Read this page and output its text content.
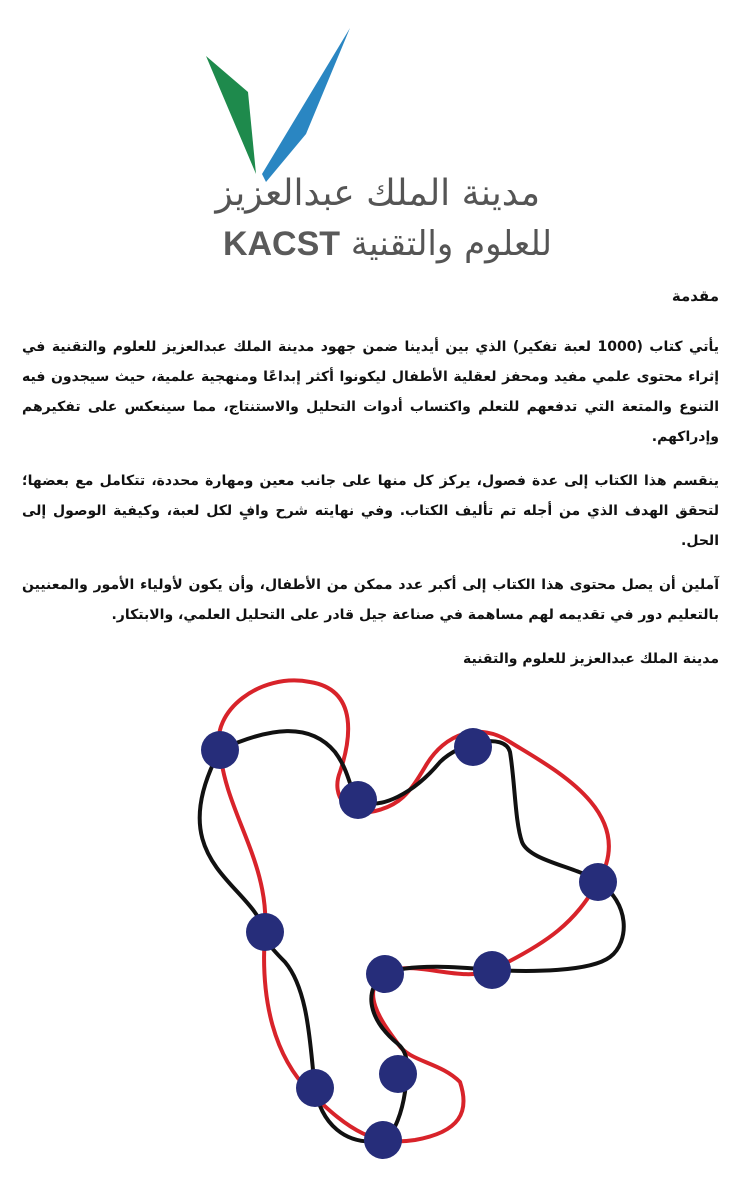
مدينة الملك عبدالعزيز
للعلوم والتقنية KACST
مقدمة

يأتي كتاب (1000 لعبة تفكير) الذي بين أيدينا ضمن جهود مدينة الملك عبدالعزيز للعلوم والتقنية في إثراء محتوى علمي مفيد ومحفز لعقلية الأطفال ليكونوا أكثر إبداعًا ومنهجية علمية، حيث سيجدون فيه التنوع والمتعة التي تدفعهم للتعلم واكتساب أدوات التحليل والاستنتاج، مما سينعكس على تفكيرهم وإدراكهم.

ينقسم هذا الكتاب إلى عدة فصول، يركز كل منها على جانب معين ومهارة محددة، تتكامل مع بعضها؛ لتحقق الهدف الذي من أجله تم تأليف الكتاب. وفي نهايته شرح وافٍ لكل لعبة، وكيفية الوصول إلى الحل.

آملين أن يصل محتوى هذا الكتاب إلى أكبر عدد ممكن من الأطفال، وأن يكون لأولياء الأمور والمعنيين بالتعليم دور في تقديمه لهم مساهمة في صناعة جيل قادر على التحليل العلمي، والابتكار.

مدينة الملك عبدالعزيز للعلوم والتقنية
